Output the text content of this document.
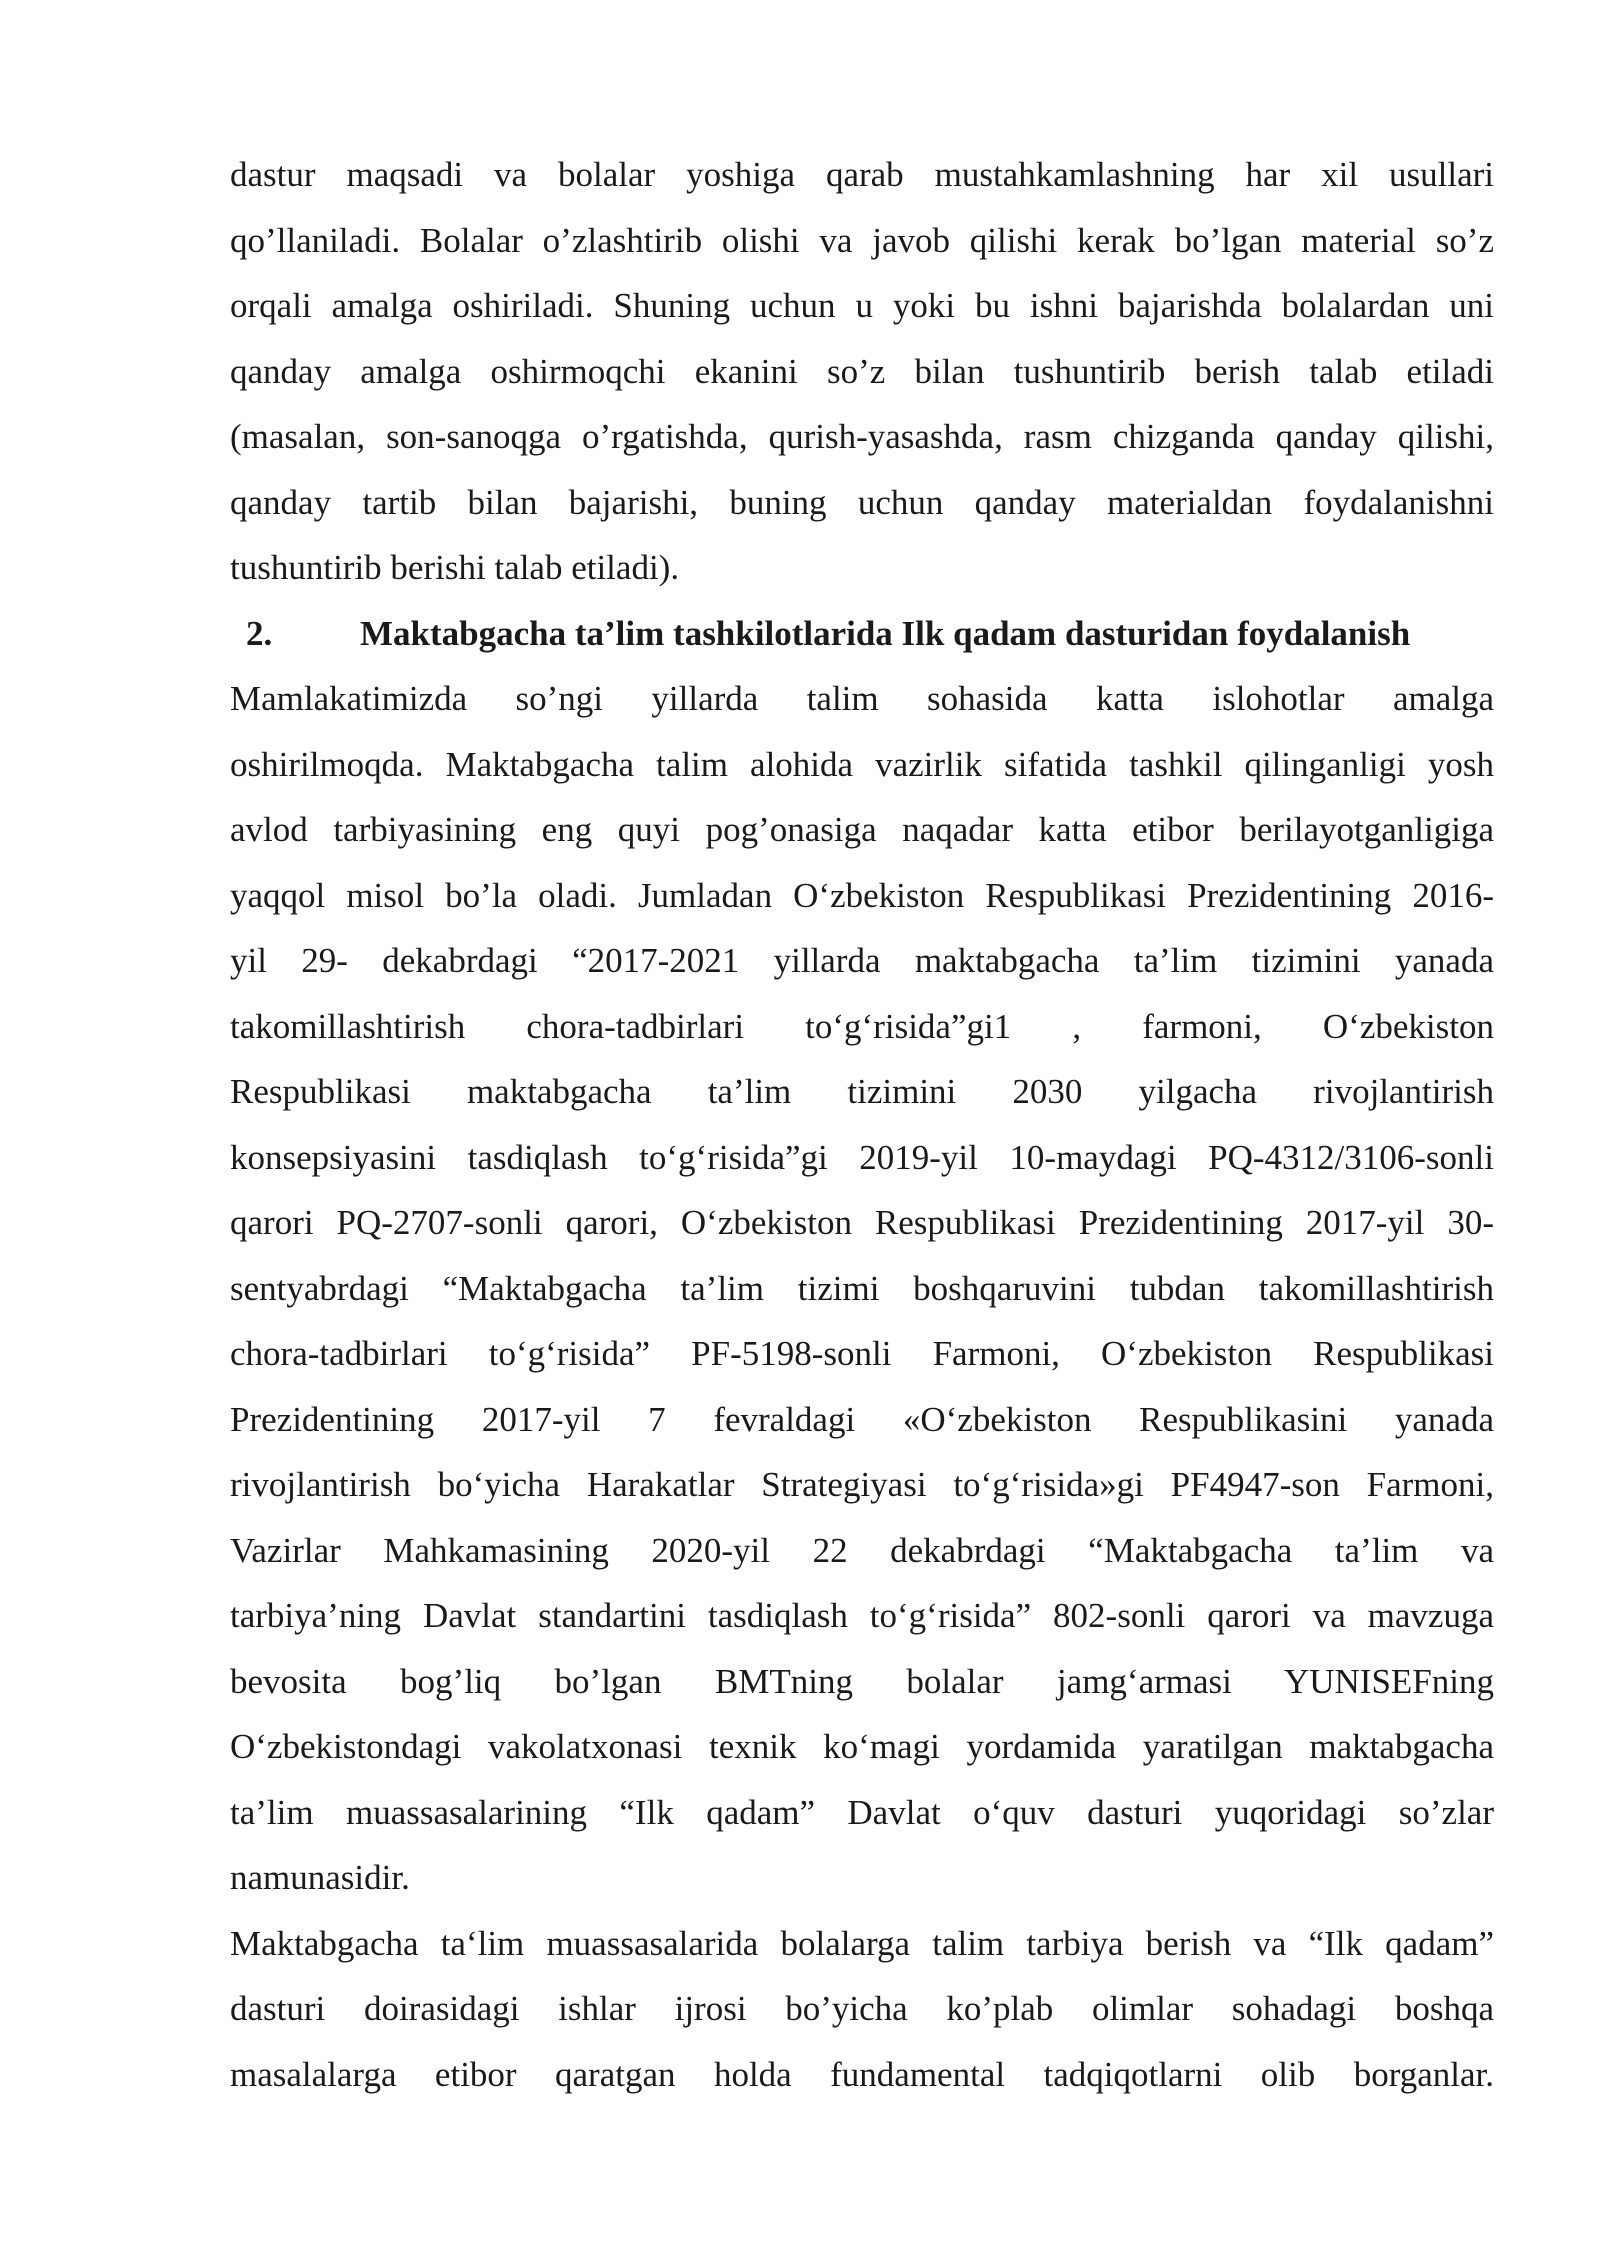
dastur maqsadi va bolalar yoshiga qarab mustahkamlashning har xil usullari
qo’llaniladi. Bolalar o’zlashtirib olishi va javob qilishi kerak bo’lgan material so’z
orqali amalga oshiriladi. Shuning uchun u yoki bu ishni bajarishda bolalardan uni
qanday amalga oshirmoqchi ekanini so’z bilan tushuntirib berish talab etiladi
(masalan, son-sanoqga o’rgatishda, qurish-yasashda, rasm chizganda qanday qilishi,
qanday tartib bilan bajarishi, buning uchun qanday materialdan foydalanishni
tushuntirib berishi talab etiladi).
2.	Maktabgacha ta’lim tashkilotlarida Ilk qadam dasturidan foydalanish
Mamlakatimizda so’ngi yillarda talim sohasida katta islohotlar amalga
oshirilmoqda. Maktabgacha talim alohida vazirlik sifatida tashkil qilinganligi yosh
avlod tarbiyasining eng quyi pog’onasiga naqadar katta etibor berilayotganligiga
yaqqol misol bo’la oladi. Jumladan O‘zbekiston Respublikasi Prezidentining 2016-
yil 29- dekabrdagi “2017-2021 yillarda maktabgacha ta’lim tizimini yanada
takomillashtirish chora-tadbirlari to‘g‘risida”gi1 , farmoni, O‘zbekiston
Respublikasi maktabgacha ta’lim tizimini 2030 yilgacha rivojlantirish
konsepsiyasini tasdiqlash to‘g‘risida”gi 2019-yil 10-maydagi PQ-4312/3106-sonli
qarori PQ-2707-sonli qarori, O‘zbekiston Respublikasi Prezidentining 2017-yil 30-
sentyabrdagi “Maktabgacha ta’lim tizimi boshqaruvini tubdan takomillashtirish
chora-tadbirlari to‘g‘risida” PF-5198-sonli Farmoni, O‘zbekiston Respublikasi
Prezidentining 2017-yil 7 fevraldagi «O‘zbekiston Respublikasini yanada
rivojlantirish bo‘yicha Harakatlar Strategiyasi to‘g‘risida»gi PF4947-son Farmoni,
Vazirlar Mahkamasining 2020-yil 22 dekabrdagi “Maktabgacha ta’lim va
tarbiya’ning Davlat standartini tasdiqlash to‘g‘risida” 802-sonli qarori va mavzuga
bevosita bog’liq bo’lgan BMTning bolalar jamg‘armasi YUNISEFning
O‘zbekistondagi vakolatxonasi texnik ko‘magi yordamida yaratilgan maktabgacha
ta’lim muassasalarining “Ilk qadam” Davlat o‘quv dasturi yuqoridagi so’zlar
namunasidir.
Maktabgacha ta‘lim muassasalarida bolalarga talim tarbiya berish va “Ilk qadam”
dasturi doirasidagi ishlar ijrosi bo’yicha ko’plab olimlar sohadagi boshqa
masalalarga etibor qaratgan holda fundamental tadqiqotlarni olib borganlar.
